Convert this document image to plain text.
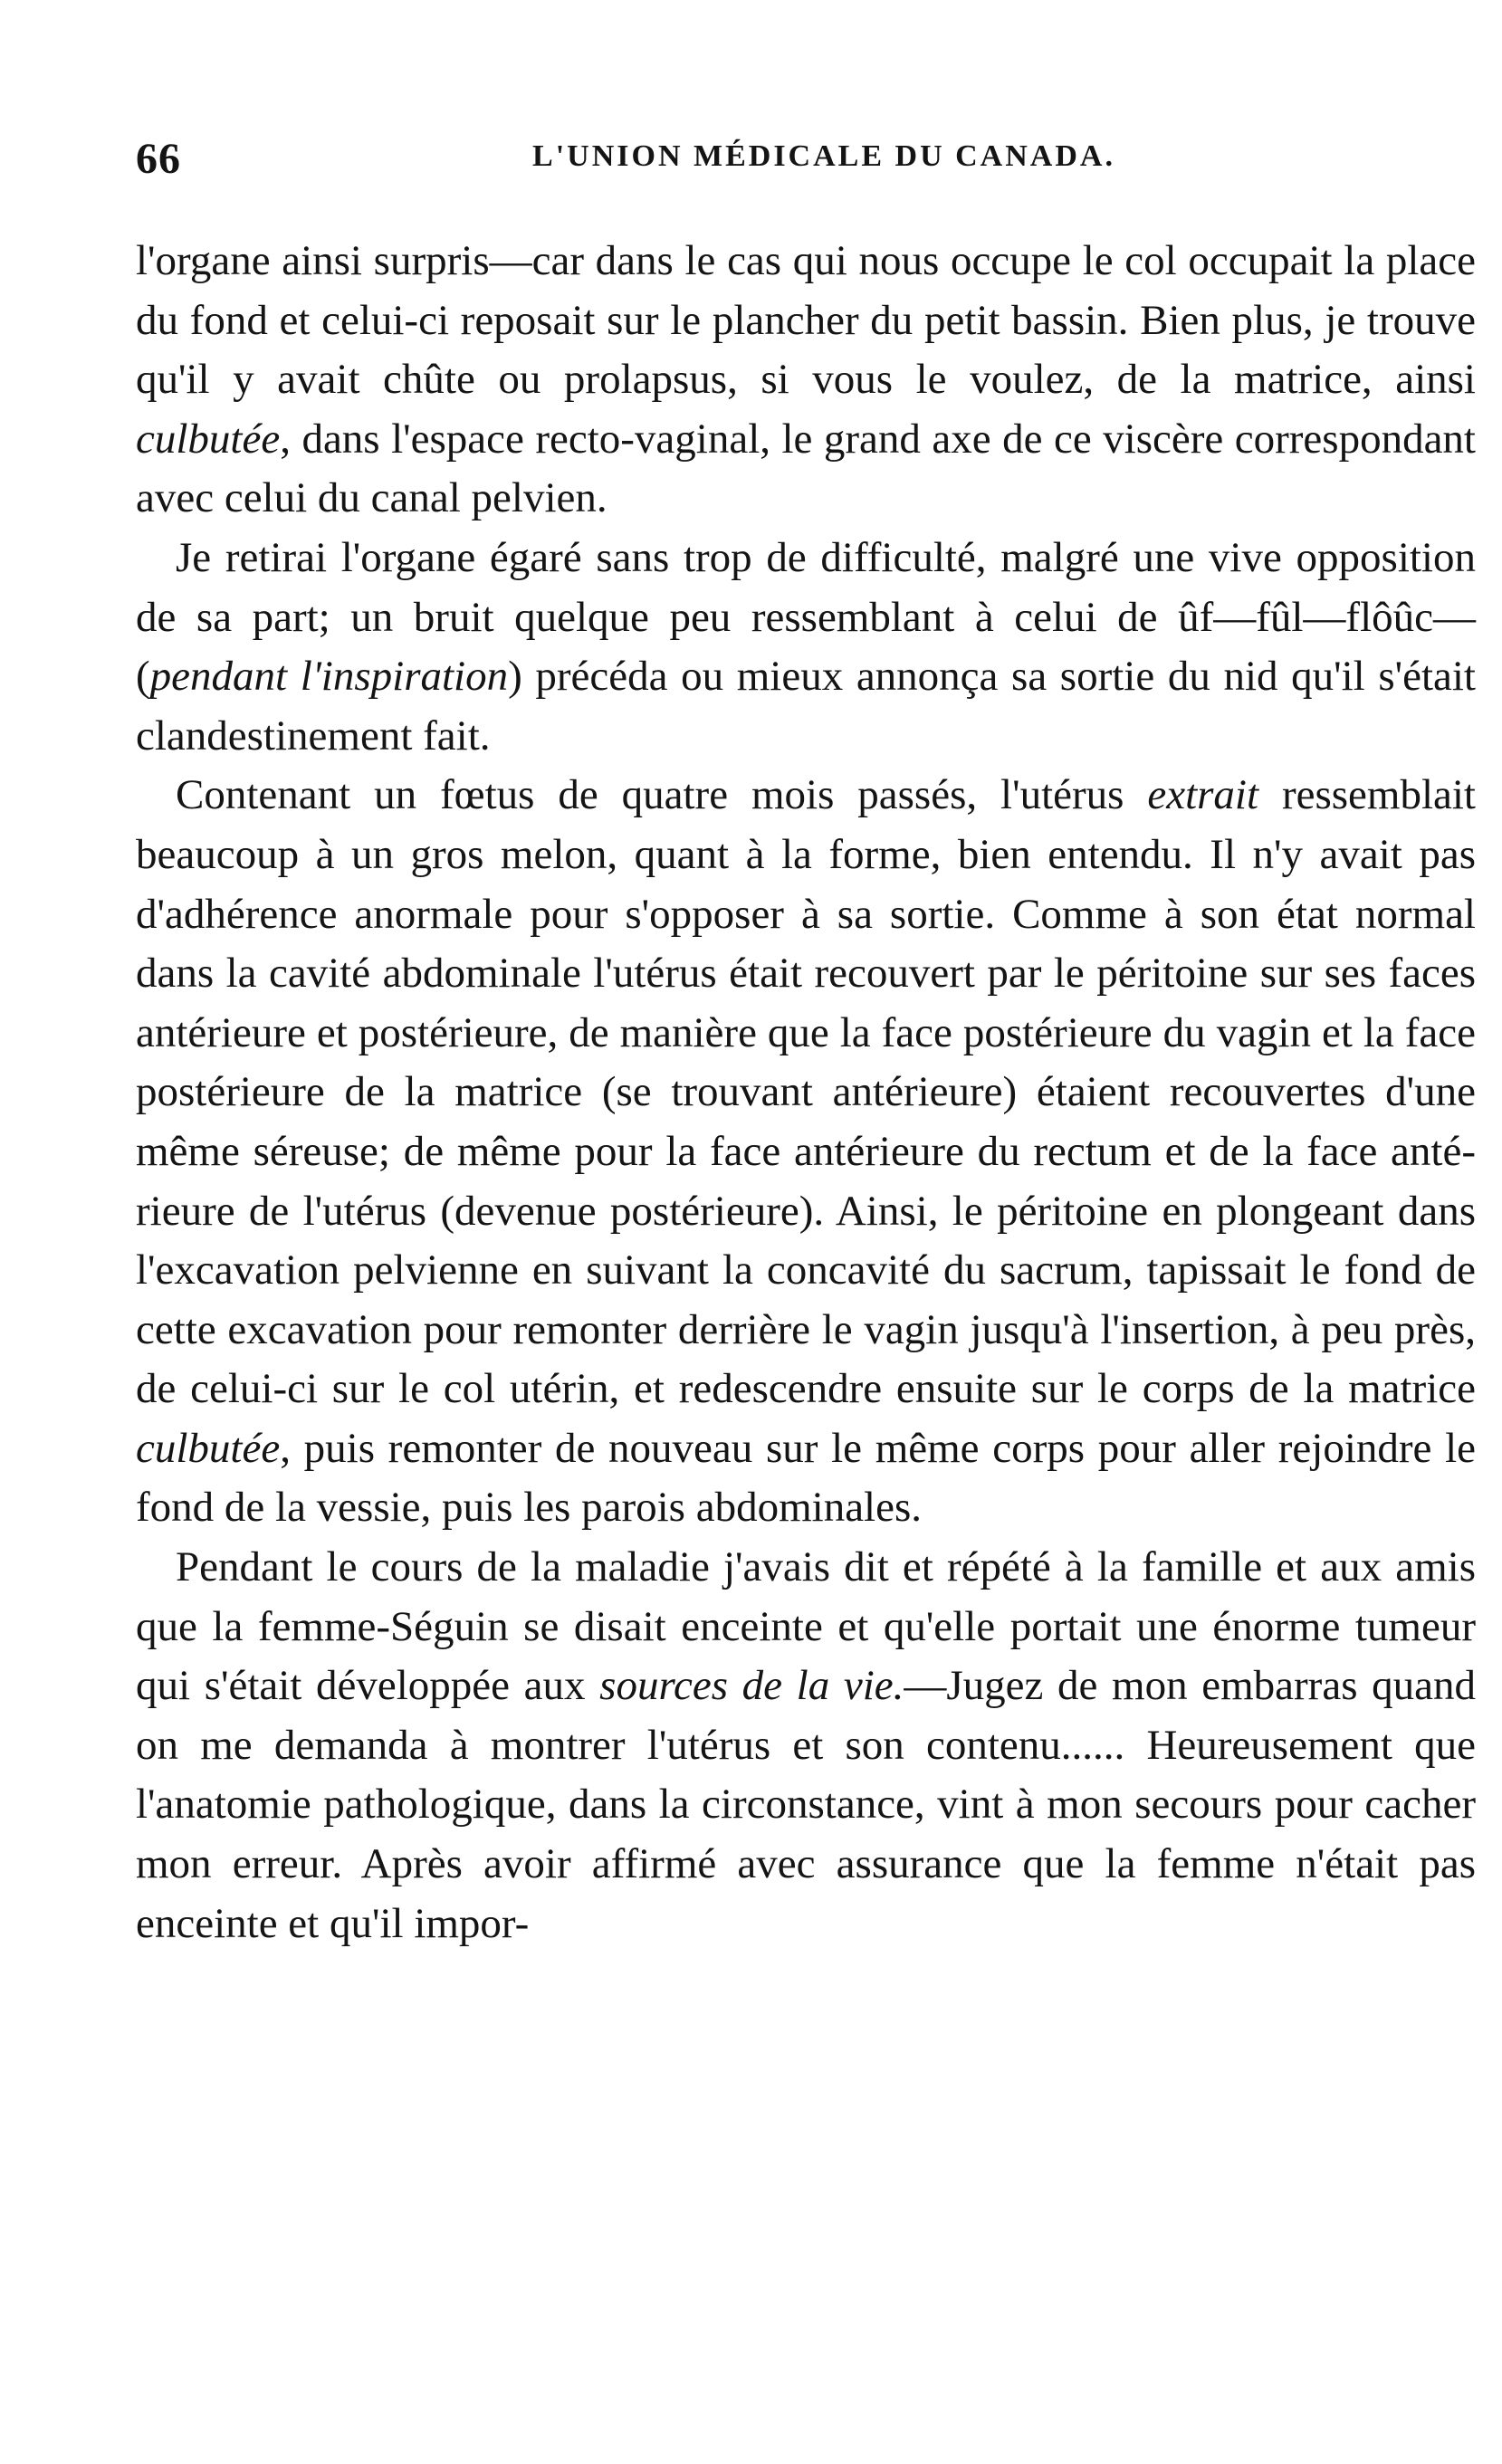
66	L'UNION MÉDICALE DU CANADA.

l'organe ainsi surpris—car dans le cas qui nous occupe le col occupait la place du fond et celui-ci reposait sur le plancher du petit bassin. Bien plus, je trouve qu'il y avait chûte ou prolapsus, si vous le voulez, de la matrice, ainsi culbutée, dans l'espace recto-vaginal, le grand axe de ce viscère correspondant avec celui du canal pelvien.

Je retirai l'organe égaré sans trop de difficulté, malgré une vive opposition de sa part; un bruit quelque peu ressemblant à celui de ûf—fûl—flôûc—(pendant l'inspiration) précéda ou mieux annonça sa sortie du nid qu'il s'était clandestinement fait.

Contenant un fœtus de quatre mois passés, l'utérus extrait ressemblait beaucoup à un gros melon, quant à la forme, bien entendu. Il n'y avait pas d'adhérence anormale pour s'opposer à sa sortie. Comme à son état normal dans la cavité abdominale l'utérus était recouvert par le péritoine sur ses faces antérieure et postérieure, de manière que la face postérieure du vagin et la face postérieure de la matrice (se trouvant antérieure) étaient recouvertes d'une même séreuse; de même pour la face antérieure du rectum et de la face antérieure de l'utérus (devenue postérieure). Ainsi, le péritoine en plongeant dans l'excavation pelvienne en suivant la concavité du sacrum, tapissait le fond de cette excavation pour remonter derrière le vagin jusqu'à l'insertion, à peu près, de celui-ci sur le col utérin, et redescendre ensuite sur le corps de la matrice culbutée, puis remonter de nouveau sur le même corps pour aller rejoindre le fond de la vessie, puis les parois abdominales.

Pendant le cours de la maladie j'avais dit et répété à la famille et aux amis que la femme-Séguin se disait enceinte et qu'elle portait une énorme tumeur qui s'était développée aux sources de la vie.—Jugez de mon embarras quand on me demanda à montrer l'utérus et son contenu...... Heureusement que l'anatomie pathologique, dans la circonstance, vint à mon secours pour cacher mon erreur. Après avoir affirmé avec assurance que la femme n'était pas enceinte et qu'il impor-
